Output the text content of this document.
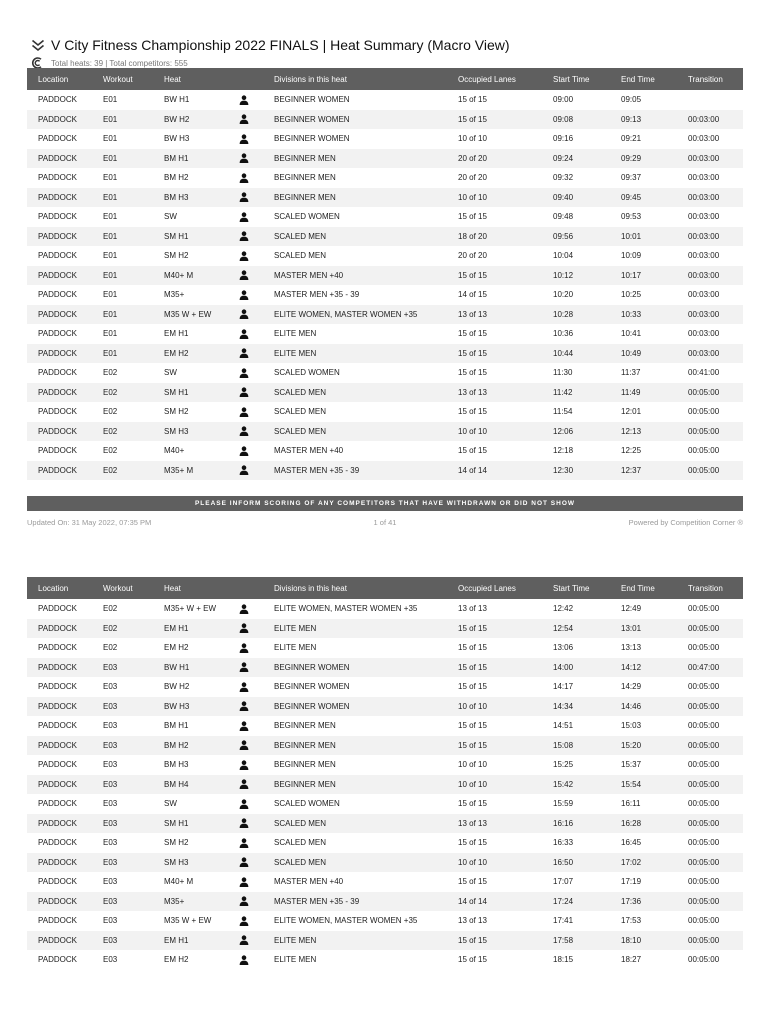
V City Fitness Championship 2022 FINALS | Heat Summary (Macro View)
Total heats: 39 | Total competitors: 555
Location	Workout	Heat		Divisions in this heat	Occupied Lanes	Start Time	End Time	Transition
PADDOCK	E01	BW H1		BEGINNER WOMEN	15 of 15	09:00	09:05	
PADDOCK	E01	BW H2		BEGINNER WOMEN	15 of 15	09:08	09:13	00:03:00
PADDOCK	E01	BW H3		BEGINNER WOMEN	10 of 10	09:16	09:21	00:03:00
PADDOCK	E01	BM H1		BEGINNER MEN	20 of 20	09:24	09:29	00:03:00
PADDOCK	E01	BM H2		BEGINNER MEN	20 of 20	09:32	09:37	00:03:00
PADDOCK	E01	BM H3		BEGINNER MEN	10 of 10	09:40	09:45	00:03:00
PADDOCK	E01	SW		SCALED WOMEN	15 of 15	09:48	09:53	00:03:00
PADDOCK	E01	SM H1		SCALED MEN	18 of 20	09:56	10:01	00:03:00
PADDOCK	E01	SM H2		SCALED MEN	20 of 20	10:04	10:09	00:03:00
PADDOCK	E01	M40+ M		MASTER MEN +40	15 of 15	10:12	10:17	00:03:00
PADDOCK	E01	M35+		MASTER MEN +35 - 39	14 of 15	10:20	10:25	00:03:00
PADDOCK	E01	M35 W + EW		ELITE WOMEN, MASTER WOMEN +35	13 of 13	10:28	10:33	00:03:00
PADDOCK	E01	EM H1		ELITE MEN	15 of 15	10:36	10:41	00:03:00
PADDOCK	E01	EM H2		ELITE MEN	15 of 15	10:44	10:49	00:03:00
PADDOCK	E02	SW		SCALED WOMEN	15 of 15	11:30	11:37	00:41:00
PADDOCK	E02	SM H1		SCALED MEN	13 of 13	11:42	11:49	00:05:00
PADDOCK	E02	SM H2		SCALED MEN	15 of 15	11:54	12:01	00:05:00
PADDOCK	E02	SM H3		SCALED MEN	10 of 10	12:06	12:13	00:05:00
PADDOCK	E02	M40+		MASTER MEN +40	15 of 15	12:18	12:25	00:05:00
PADDOCK	E02	M35+ M		MASTER MEN +35 - 39	14 of 14	12:30	12:37	00:05:00
PLEASE INFORM SCORING OF ANY COMPETITORS THAT HAVE WITHDRAWN OR DID NOT SHOW
1 of 41
Updated On: 31 May 2022, 07:35 PM	Powered by Competition Corner ®
Location	Workout	Heat		Divisions in this heat	Occupied Lanes	Start Time	End Time	Transition
PADDOCK	E02	M35+ W + EW		ELITE WOMEN, MASTER WOMEN +35	13 of 13	12:42	12:49	00:05:00
PADDOCK	E02	EM H1		ELITE MEN	15 of 15	12:54	13:01	00:05:00
PADDOCK	E02	EM H2		ELITE MEN	15 of 15	13:06	13:13	00:05:00
PADDOCK	E03	BW H1		BEGINNER WOMEN	15 of 15	14:00	14:12	00:47:00
PADDOCK	E03	BW H2		BEGINNER WOMEN	15 of 15	14:17	14:29	00:05:00
PADDOCK	E03	BW H3		BEGINNER WOMEN	10 of 10	14:34	14:46	00:05:00
PADDOCK	E03	BM H1		BEGINNER MEN	15 of 15	14:51	15:03	00:05:00
PADDOCK	E03	BM H2		BEGINNER MEN	15 of 15	15:08	15:20	00:05:00
PADDOCK	E03	BM H3		BEGINNER MEN	10 of 10	15:25	15:37	00:05:00
PADDOCK	E03	BM H4		BEGINNER MEN	10 of 10	15:42	15:54	00:05:00
PADDOCK	E03	SW		SCALED WOMEN	15 of 15	15:59	16:11	00:05:00
PADDOCK	E03	SM H1		SCALED MEN	13 of 13	16:16	16:28	00:05:00
PADDOCK	E03	SM H2		SCALED MEN	15 of 15	16:33	16:45	00:05:00
PADDOCK	E03	SM H3		SCALED MEN	10 of 10	16:50	17:02	00:05:00
PADDOCK	E03	M40+ M		MASTER MEN +40	15 of 15	17:07	17:19	00:05:00
PADDOCK	E03	M35+		MASTER MEN +35 - 39	14 of 14	17:24	17:36	00:05:00
PADDOCK	E03	M35 W + EW		ELITE WOMEN, MASTER WOMEN +35	13 of 13	17:41	17:53	00:05:00
PADDOCK	E03	EM H1		ELITE MEN	15 of 15	17:58	18:10	00:05:00
PADDOCK	E03	EM H2		ELITE MEN	15 of 15	18:15	18:27	00:05:00
